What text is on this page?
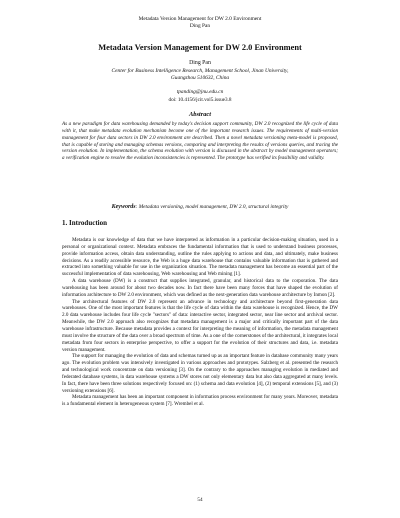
Metadata Version Management for DW 2.0 Environment
Ding Pan
Metadata Version Management for DW 2.0 Environment
Ding Pan
Center for Business Intelligence Research, Management School, Jinan University,
Guangzhou 510632, China
tpanding@jnu.edu.cn
doi: 10.4156/jcit.vol5.issue3.8
Abstract
As a new paradigm for data warehousing demanded by today's decision support community, DW 2.0 recognized the life cycle of data with it, that make metadata evolution mechanism become one of the important research issues. The requirements of multi-version management for four data sectors in DW 2.0 environment are described. Then a novel metadata versioning meta-model is proposed, that is capable of storing and managing schemas versions, comparing and interpreting the results of versions queries, and tracing the version evolution. In implementation, the schema evolution with version is discussed in the abstract by model management operators; a verification engine to resolve the evolution inconsistencies is represented. The prototype has verified its feasibility and validity.
Keywords: Metadata versioning, model management, DW 2.0, structural integrity
1. Introduction

Metadata is our knowledge of data that we have interpreted as information in a particular decision-making situation, used in a personal or organizational context. Metadata embraces the fundamental information that is used to understand business processes, provide information access, obtain data understanding, outline the rules applying to actions and data, and ultimately, make business decisions. As a readily accessible resource, the Web is a huge data warehouse that contains valuable information that is gathered and extracted into something valuable for use in the organization situation. The metadata management has become an essential part of the successful implementation of data warehousing, Web warehousing and Web mining [1].

A data warehouse (DW) is a construct that supplies integrated, granular, and historical data to the corporation. The data warehousing has been around for about two decades now. In fact there have been many forces that have shaped the evolution of information architecture to DW 2.0 environment, which was defined as the next-generation data warehouse architecture by Inmon [2].

The architectural features of DW 2.0 represent an advance in technology and architecture beyond first-generation data warehouses. One of the most important features is that the life cycle of data within the data warehouse is recognized. Hence, the DW 2.0 data warehouse includes four life cycle "sectors" of data: interactive sector, integrated sector, near line sector and archival sector. Meanwhile, the DW 2.0 approach also recognizes that metadata management is a major and critically important part of the data warehouse infrastructure. Because metadata provides a context for interpreting the meaning of information, the metadata management must involve the structure of the data over a broad spectrum of time. As a one of the cornerstones of the architectural, it integrates local metadata from four sectors in enterprise perspective, to offer a support for the evolution of their structures and data, i.e. metadata version management.

The support for managing the evolution of data and schemas turned up as an important feature in database community many years ago. The evolution problem was intensively investigated in various approaches and prototypes. Salzberg et al. presented the research and technological work concentrate on data versioning [3]. On the contrary to the approaches managing evolution in mediated and federated database systems, in data warehouse systems a DW stores not only elementary data but also data aggregated at many levels. In fact, there have been three solutions respectively focused on: (1) schema and data evolution [4], (2) temporal extensions [5], and (3) versioning extensions [6].

Metadata management has been an important component in information process environment for many years. Moreover, metadata is a fundamental element in heterogeneous system [7]. Wrembel et al.

54
